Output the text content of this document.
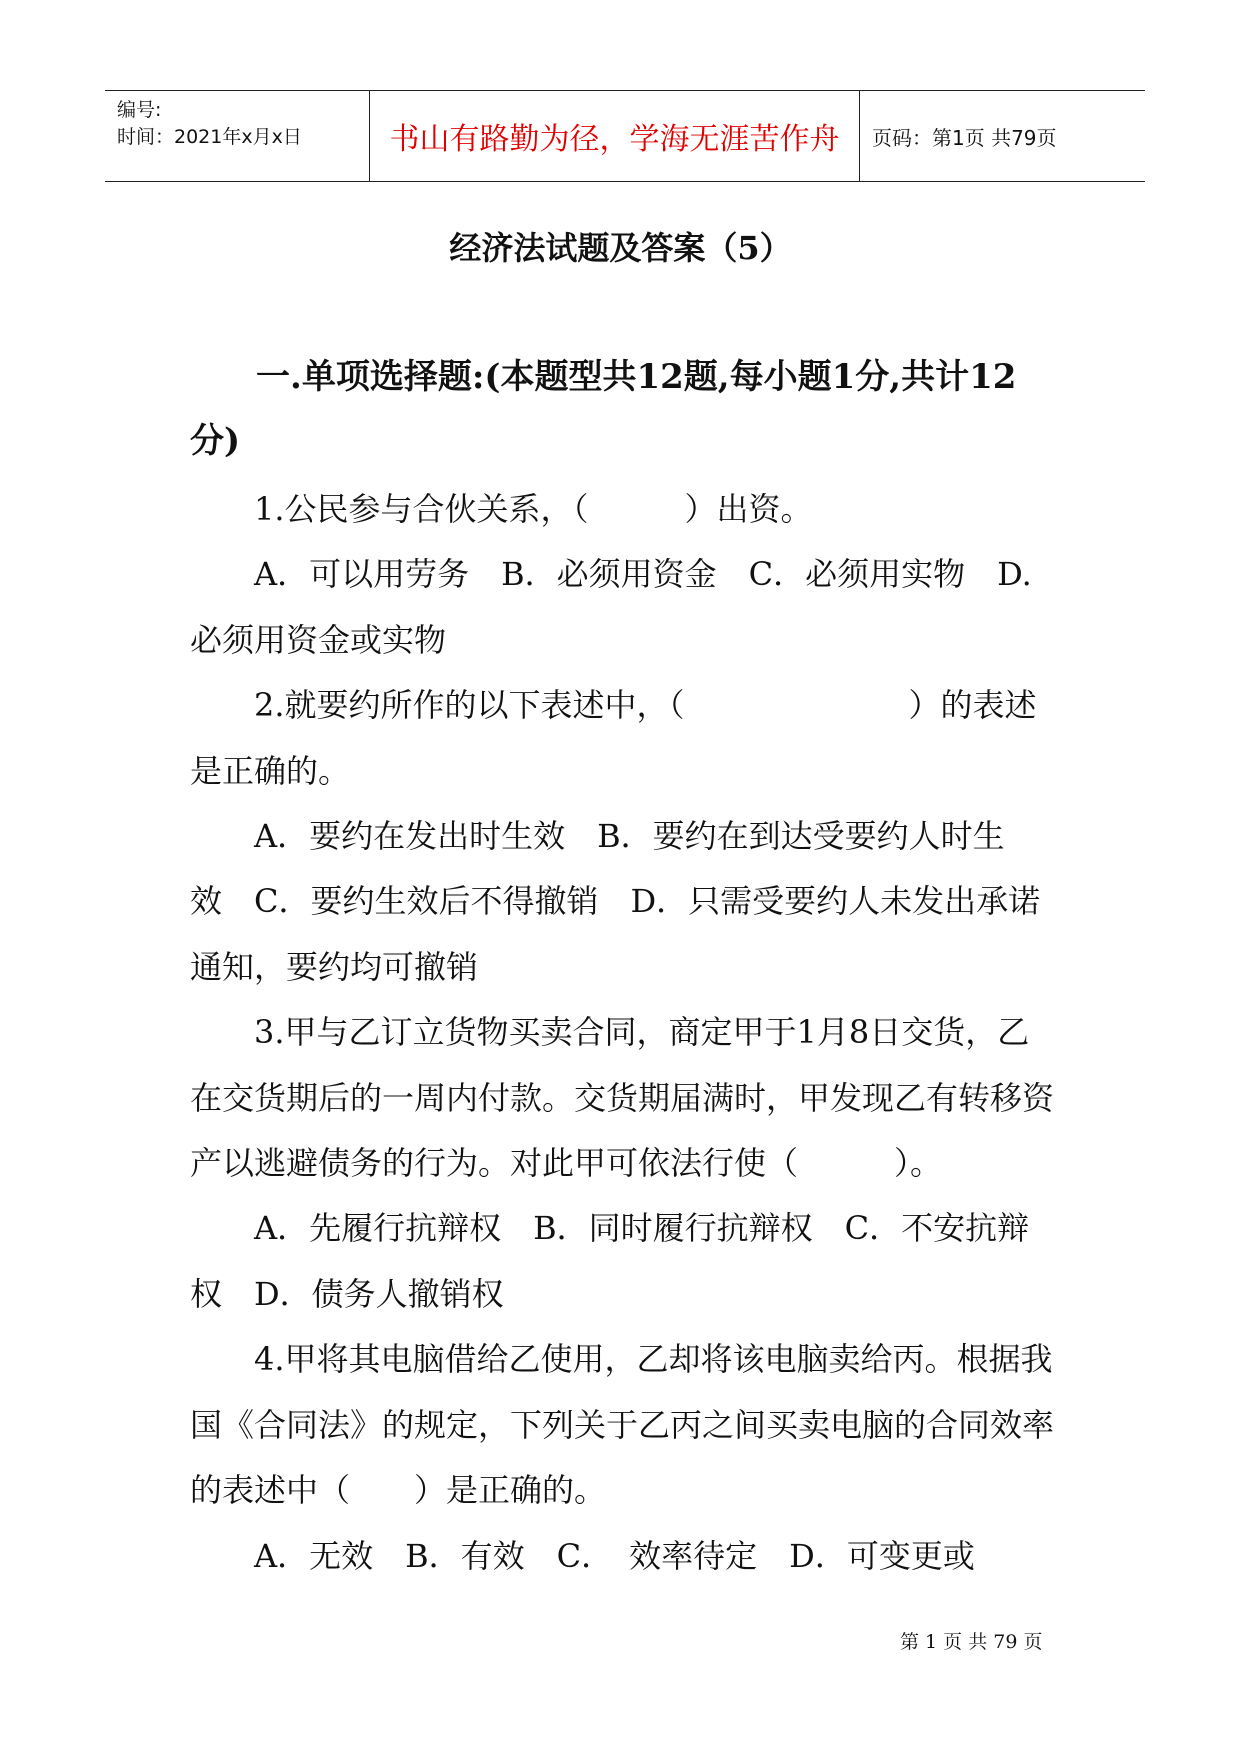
编号:
时间：2021年x月x日	书山有路勤为径，学海无涯苦作舟	页码：第1页 共79页
经济法试题及答案（5）
一.单项选择题:(本题型共12题,每小题1分,共计12分)

1.公民参与合伙关系，（　　　）出资。

A．可以用劳务 B．必须用资金 C．必须用实物 D. 必须用资金或实物

2.就要约所作的以下表述中，（　　　　　　　）的表述是正确的。

A．要约在发出时生效 B．要约在到达受要约人时生效 C．要约生效后不得撤销 D．只需受要约人未发出承诺通知，要约均可撤销

3.甲与乙订立货物买卖合同，商定甲于1月8日交货，乙在交货期后的一周内付款。交货期届满时，甲发现乙有转移资产以逃避债务的行为。对此甲可依法行使（　　　）。

A．先履行抗辩权 B．同时履行抗辩权 C．不安抗辩权 D．债务人撤销权

4.甲将其电脑借给乙使用，乙却将该电脑卖给丙。根据我国《合同法》的规定，下列关于乙丙之间买卖电脑的合同效率的表述中（　　）是正确的。

A．无效 B．有效 C．　效率待定 D．可变更或

第 1 页 共 79 页
